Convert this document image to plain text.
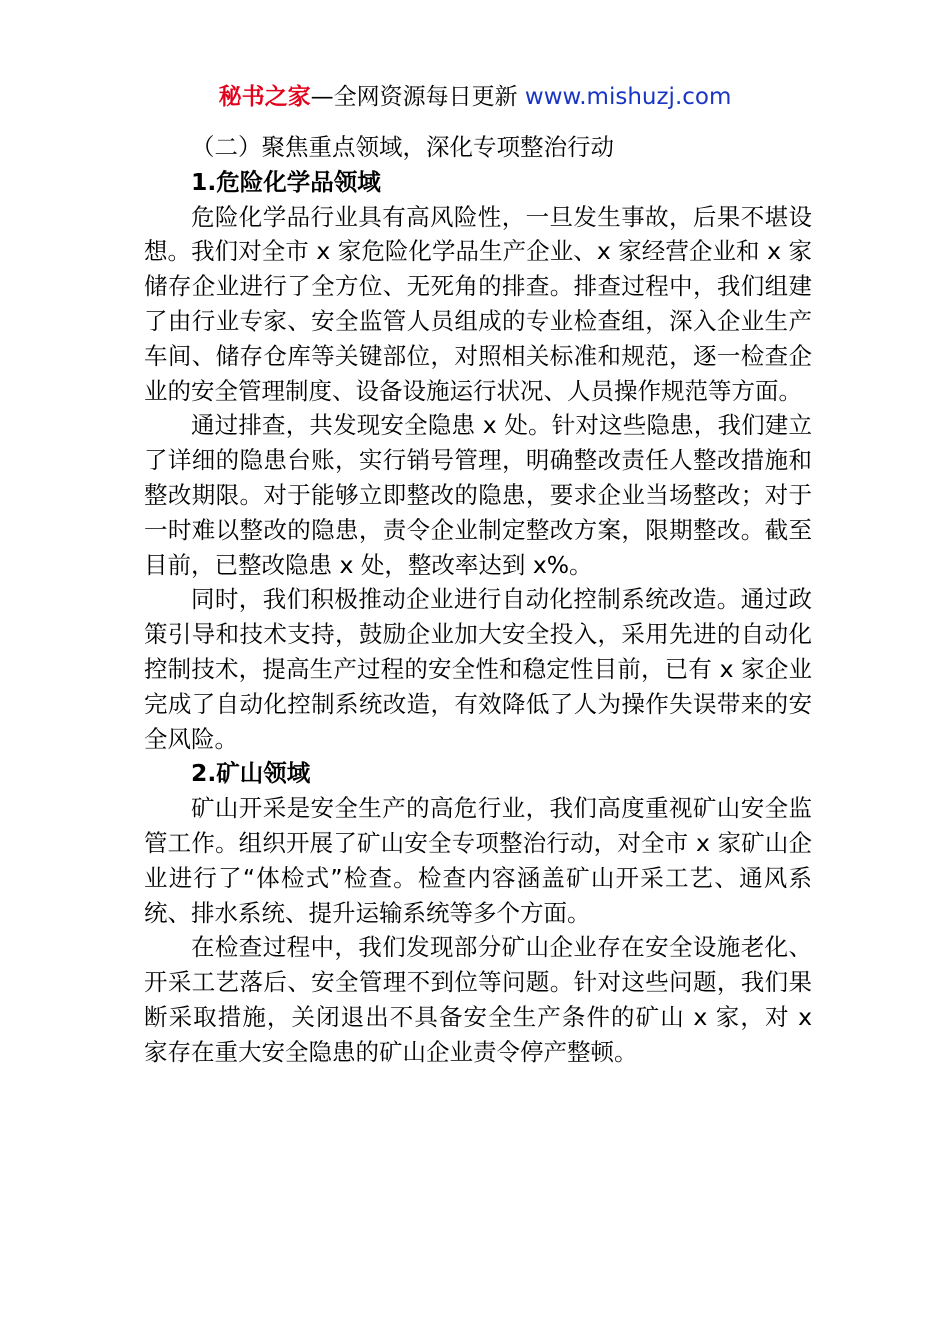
秘书之家—全网资源每日更新 www.mishuzj.com

（二）聚焦重点领域，深化专项整治行动

1.危险化学品领域

危险化学品行业具有高风险性，一旦发生事故，后果不堪设想。我们对全市 x 家危险化学品生产企业、x 家经营企业和 x 家储存企业进行了全方位、无死角的排查。排查过程中，我们组建了由行业专家、安全监管人员组成的专业检查组，深入企业生产车间、储存仓库等关键部位，对照相关标准和规范，逐一检查企业的安全管理制度、设备设施运行状况、人员操作规范等方面。

通过排查，共发现安全隐患 x 处。针对这些隐患，我们建立了详细的隐患台账，实行销号管理，明确整改责任人整改措施和整改期限。对于能够立即整改的隐患，要求企业当场整改；对于一时难以整改的隐患，责令企业制定整改方案，限期整改。截至目前，已整改隐患 x 处，整改率达到 x%。

同时，我们积极推动企业进行自动化控制系统改造。通过政策引导和技术支持，鼓励企业加大安全投入，采用先进的自动化控制技术，提高生产过程的安全性和稳定性目前，已有 x 家企业完成了自动化控制系统改造，有效降低了人为操作失误带来的安全风险。

2.矿山领域

矿山开采是安全生产的高危行业，我们高度重视矿山安全监管工作。组织开展了矿山安全专项整治行动，对全市 x 家矿山企业进行了“体检式”检查。检查内容涵盖矿山开采工艺、通风系统、排水系统、提升运输系统等多个方面。

在检查过程中，我们发现部分矿山企业存在安全设施老化、开采工艺落后、安全管理不到位等问题。针对这些问题，我们果断采取措施，关闭退出不具备安全生产条件的矿山 x 家，对 x 家存在重大安全隐患的矿山企业责令停产整顿。
